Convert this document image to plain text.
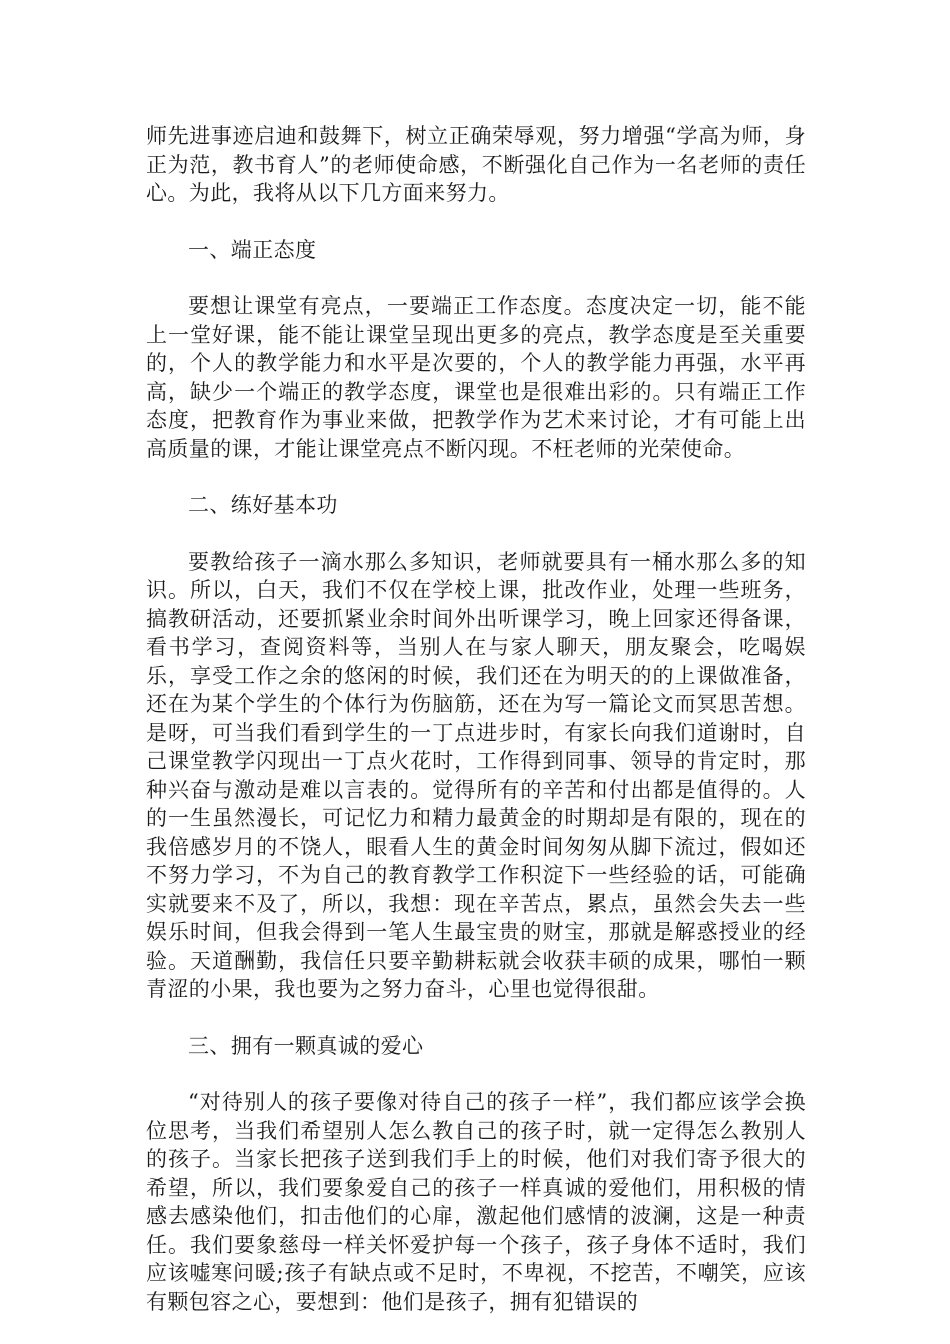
师先进事迹启迪和鼓舞下，树立正确荣辱观，努力增强“学高为师，身正为范，教书育人”的老师使命感，不断强化自己作为一名老师的责任心。为此，我将从以下几方面来努力。

一、端正态度

要想让课堂有亮点，一要端正工作态度。态度决定一切，能不能上一堂好课，能不能让课堂呈现出更多的亮点，教学态度是至关重要的，个人的教学能力和水平是次要的，个人的教学能力再强，水平再高，缺少一个端正的教学态度，课堂也是很难出彩的。只有端正工作态度，把教育作为事业来做，把教学作为艺术来讨论，才有可能上出高质量的课，才能让课堂亮点不断闪现。不枉老师的光荣使命。

二、练好基本功

要教给孩子一滴水那么多知识，老师就要具有一桶水那么多的知识。所以，白天，我们不仅在学校上课，批改作业，处理一些班务，搞教研活动，还要抓紧业余时间外出听课学习，晚上回家还得备课，看书学习，查阅资料等，当别人在与家人聊天，朋友聚会，吃喝娱乐，享受工作之余的悠闲的时候，我们还在为明天的的上课做准备，还在为某个学生的个体行为伤脑筋，还在为写一篇论文而冥思苦想。是呀，可当我们看到学生的一丁点进步时，有家长向我们道谢时，自己课堂教学闪现出一丁点火花时，工作得到同事、领导的肯定时，那种兴奋与激动是难以言表的。觉得所有的辛苦和付出都是值得的。人的一生虽然漫长，可记忆力和精力最黄金的时期却是有限的，现在的我倍感岁月的不饶人，眼看人生的黄金时间匆匆从脚下流过，假如还不努力学习，不为自己的教育教学工作积淀下一些经验的话，可能确实就要来不及了，所以，我想：现在辛苦点，累点，虽然会失去一些娱乐时间，但我会得到一笔人生最宝贵的财宝，那就是解惑授业的经验。天道酬勤，我信任只要辛勤耕耘就会收获丰硕的成果，哪怕一颗青涩的小果，我也要为之努力奋斗，心里也觉得很甜。

三、拥有一颗真诚的爱心

“对待别人的孩子要像对待自己的孩子一样”，我们都应该学会换位思考，当我们希望别人怎么教自己的孩子时，就一定得怎么教别人的孩子。当家长把孩子送到我们手上的时候，他们对我们寄予很大的希望，所以，我们要象爱自己的孩子一样真诚的爱他们，用积极的情感去感染他们，扣击他们的心扉，激起他们感情的波澜，这是一种责任。我们要象慈母一样关怀爱护每一个孩子，孩子身体不适时，我们应该嘘寒问暖;孩子有缺点或不足时，不卑视，不挖苦，不嘲笑，应该有颗包容之心，要想到：他们是孩子，拥有犯错误的
